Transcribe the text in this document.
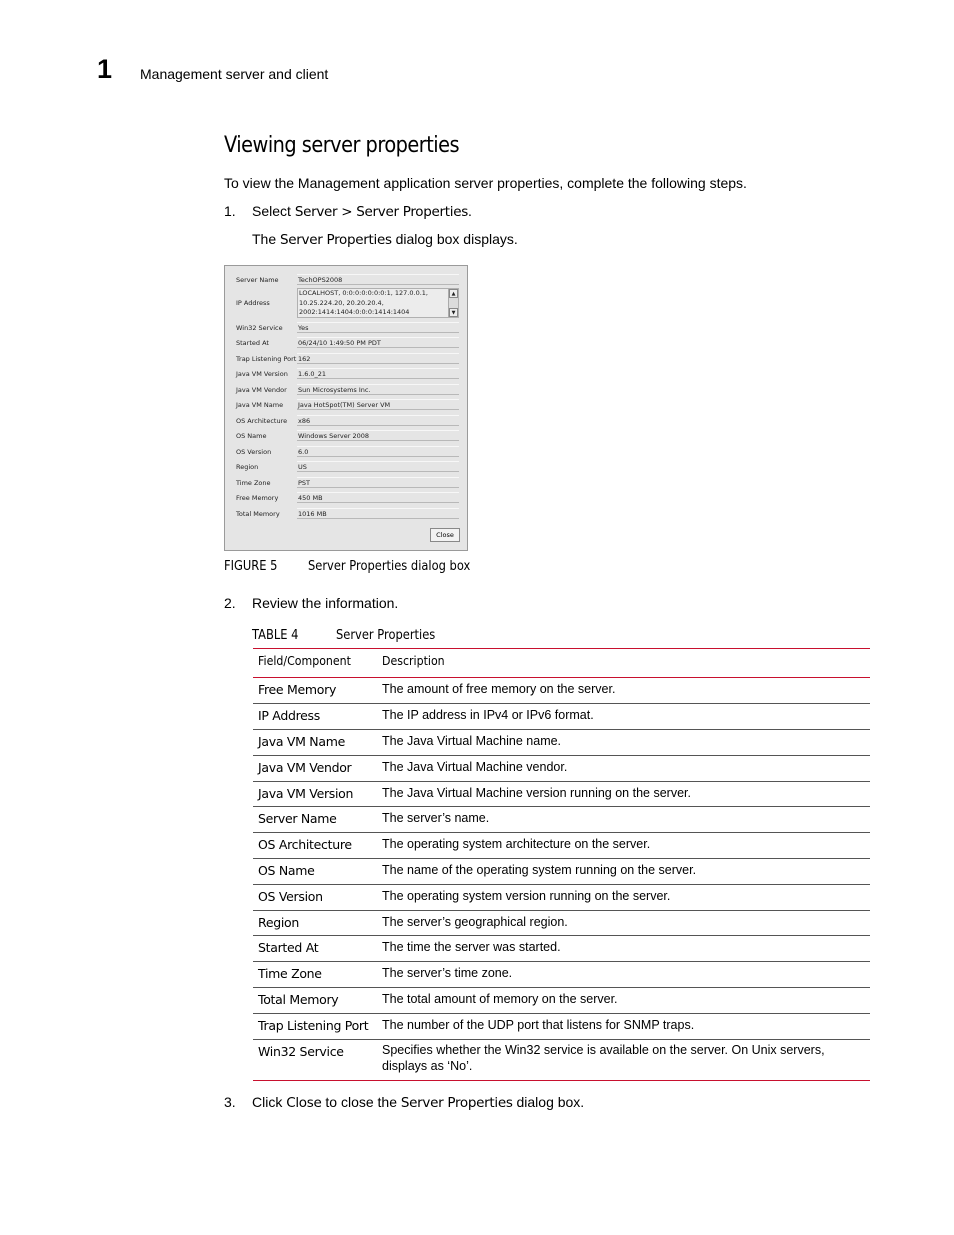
1 Management server and client
Viewing server properties
To view the Management application server properties, complete the following steps.
1. Select Server > Server Properties.
The Server Properties dialog box displays.
Server Name	TechOPS2008
IP Address
LOCALHOST, 0:0:0:0:0:0:0:1, 127.0.0.1,
10.25.224.20, 20.20.20.4,
2002:1414:1404:0:0:0:1414:1404
▲
▼
Win32 Service Yes
Started At	06/24/10 1:49:50 PM PDT
Trap Listening Port 162
Java VM Version 1.6.0_21
Java VM Vendor Sun Microsystems Inc.
Java VM Name Java HotSpot(TM) Server VM
OS Architecture x86
OS Name	Windows Server 2008
OS Version	6.0
Region	US
Time Zone	PST
Free Memory	450 MB
Total Memory	1016 MB
Close
FIGURE 5 Server Properties dialog box
2. Review the information.
TABLE 4	Server Properties
Field/Component Description
Free Memory	The amount of free memory on the server.
IP Address	The IP address in IPv4 or IPv6 format.
Java VM Name	The Java Virtual Machine name.
Java VM Vendor The Java Virtual Machine vendor.
Java VM Version The Java Virtual Machine version running on the server.
Server Name	The server’s name.
OS Architecture The operating system architecture on the server.
OS Name	The name of the operating system running on the server.
OS Version	The operating system version running on the server.
Region	The server’s geographical region.
Started At	The time the server was started.
Time Zone	The server’s time zone.
Total Memory	The total amount of memory on the server.
Trap Listening Port The number of the UDP port that listens for SNMP traps.
Win32 Service	Specifies whether the Win32 service is available on the server. On Unix servers, displays as ‘No’.
3. Click Close to close the Server Properties dialog box.
